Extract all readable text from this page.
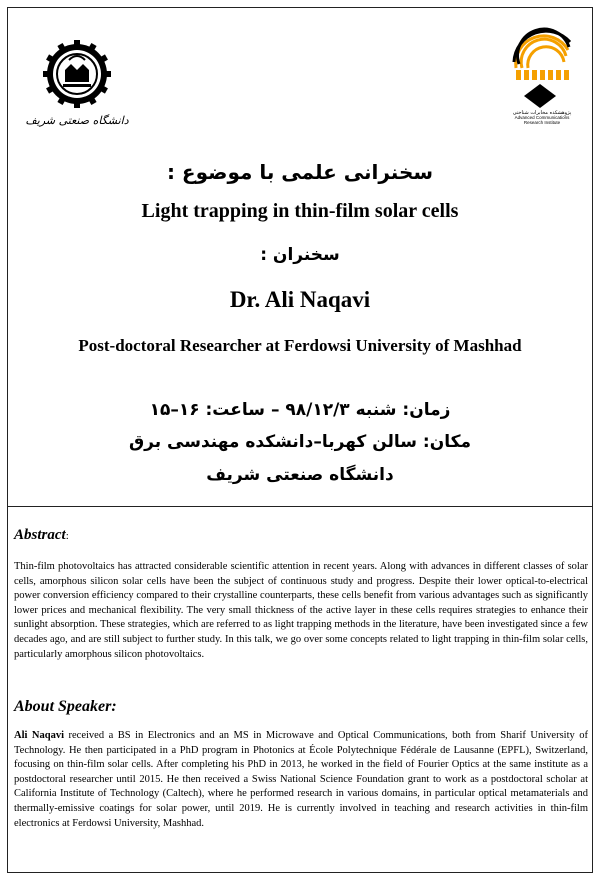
دانشگاه صنعتی شریف
پژوهشکده مخابرات شناختی
Advanced Communications
Research Institute
سخنرانی علمی با موضوع :
Light trapping in thin-film solar cells
سخنران :
Dr. Ali Naqavi
Post-doctoral Researcher at Ferdowsi University of Mashhad
زمان: شنبه ۹۸/۱۲/۳ – ساعت: ۱۶–۱۵
مکان: سالن کهربا–دانشکده مهندسی برق
دانشگاه صنعتی شریف
Abstract:
Thin-film photovoltaics has attracted considerable scientific attention in recent years. Along with advances in different classes of solar cells, amorphous silicon solar cells have been the subject of continuous study and progress. Despite their lower optical-to-electrical power conversion efficiency compared to their crystalline counterparts, these cells benefit from various advantages such as significantly lower prices and mechanical flexibility. The very small thickness of the active layer in these cells requires strategies to enhance their sunlight absorption. These strategies, which are referred to as light trapping methods in the literature, have been investigated since a few decades ago, and are still subject to further study. In this talk, we go over some concepts related to light trapping in thin-film solar cells, particularly amorphous silicon photovoltaics.
About Speaker:
Ali Naqavi received a BS in Electronics and an MS in Microwave and Optical Communications, both from Sharif University of Technology. He then participated in a PhD program in Photonics at École Polytechnique Fédérale de Lausanne (EPFL), Switzerland, focusing on thin-film solar cells. After completing his PhD in 2013, he worked in the field of Fourier Optics at the same institute as a postdoctoral researcher until 2015. He then received a Swiss National Science Foundation grant to work as a postdoctoral scholar at California Institute of Technology (Caltech), where he performed research in various domains, in particular optical metamaterials and thermally-emissive coatings for solar power, until 2019. He is currently involved in teaching and research activities in thin-film electronics at Ferdowsi University, Mashhad.
